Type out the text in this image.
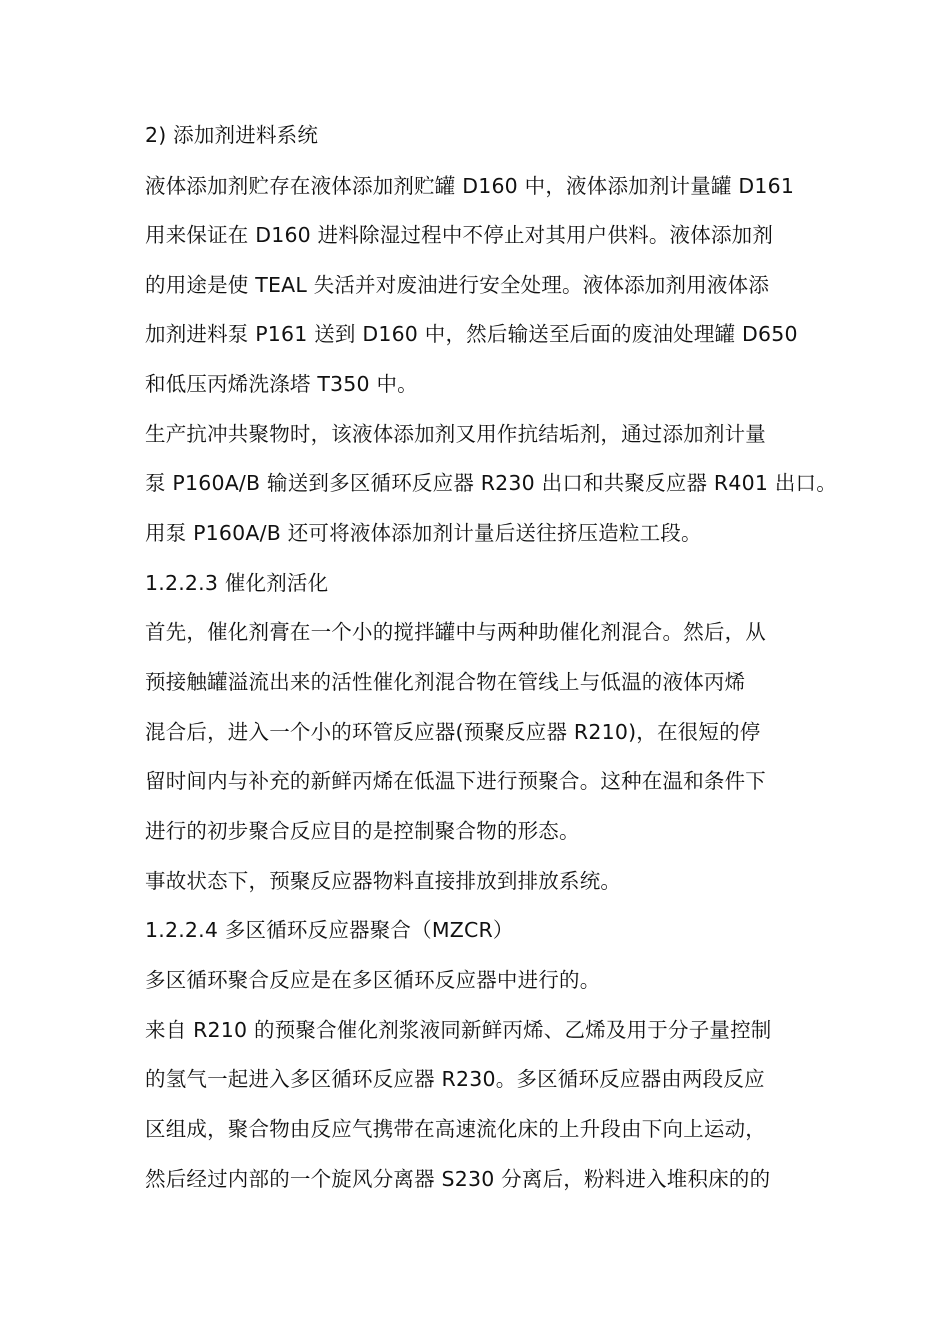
2) 添加剂进料系统
液体添加剂贮存在液体添加剂贮罐 D160 中，液体添加剂计量罐 D161
用来保证在 D160 进料除湿过程中不停止对其用户供料。液体添加剂
的用途是使 TEAL 失活并对废油进行安全处理。液体添加剂用液体添
加剂进料泵 P161 送到 D160 中，然后输送至后面的废油处理罐 D650
和低压丙烯洗涤塔 T350 中。
生产抗冲共聚物时，该液体添加剂又用作抗结垢剂，通过添加剂计量
泵 P160A/B 输送到多区循环反应器 R230 出口和共聚反应器 R401 出口。
用泵 P160A/B 还可将液体添加剂计量后送往挤压造粒工段。
1.2.2.3 催化剂活化
首先，催化剂膏在一个小的搅拌罐中与两种助催化剂混合。然后，从
预接触罐溢流出来的活性催化剂混合物在管线上与低温的液体丙烯
混合后，进入一个小的环管反应器(预聚反应器 R210)，在很短的停
留时间内与补充的新鲜丙烯在低温下进行预聚合。这种在温和条件下
进行的初步聚合反应目的是控制聚合物的形态。
事故状态下，预聚反应器物料直接排放到排放系统。
1.2.2.4 多区循环反应器聚合（MZCR）
多区循环聚合反应是在多区循环反应器中进行的。
来自 R210 的预聚合催化剂浆液同新鲜丙烯、乙烯及用于分子量控制
的氢气一起进入多区循环反应器 R230。多区循环反应器由两段反应
区组成，聚合物由反应气携带在高速流化床的上升段由下向上运动，
然后经过内部的一个旋风分离器 S230 分离后，粉料进入堆积床的的
